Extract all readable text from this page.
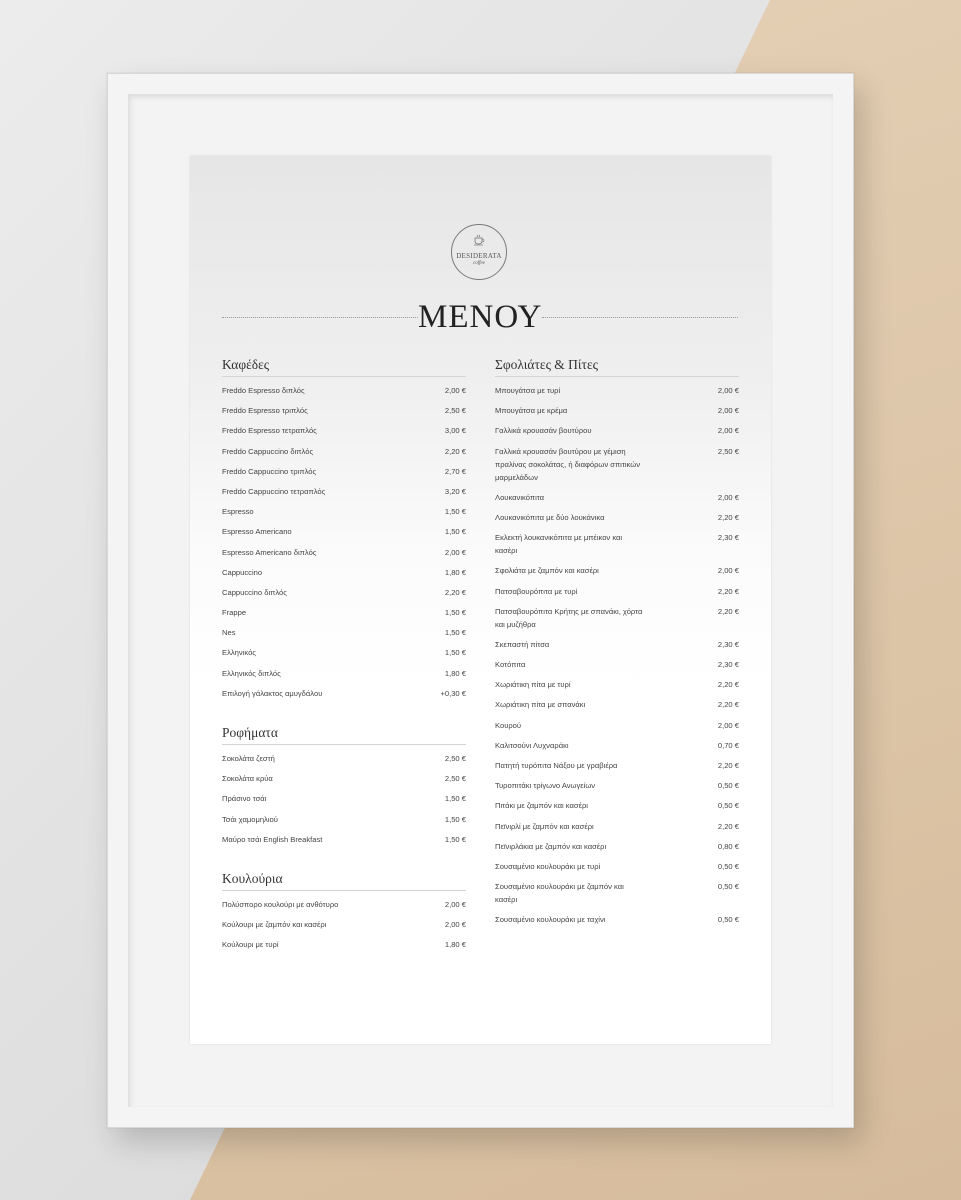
DESIDERATA
coffee
ΜΕΝΟΥ
Καφέδες
Freddo Espresso διπλός	2,00 €
Freddo Espresso τριπλός	2,50 €
Freddo Espresso τετραπλός	3,00 €
Freddo Cappuccino διπλός	2,20 €
Freddo Cappuccino τριπλός	2,70 €
Freddo Cappuccino τετραπλός	3,20 €
Espresso	1,50 €
Espresso Americano	1,50 €
Espresso Americano διπλός	2,00 €
Cappuccino	1,80 €
Cappuccino διπλός	2,20 €
Frappe	1,50 €
Nes	1,50 €
Ελληνικός	1,50 €
Ελληνικός διπλός	1,80 €
Επιλογή γάλακτος αμυγδάλου	+0,30 €
Ροφήματα
Σοκολάτα ζεστή	2,50 €
Σοκολάτα κρύα	2,50 €
Πράσινο τσάι	1,50 €
Τσάι χαμομηλιού	1,50 €
Μαύρο τσάι English Breakfast	1,50 €
Κουλούρια
Πολύσπορο κουλούρι με ανθότυρο	2,00 €
Κούλουρι με ζαμπόν και κασέρι	2,00 €
Κούλουρι με τυρί	1,80 €
Σφολιάτες & Πίτες
Μπουγάτσα με τυρί	2,00 €
Μπουγάτσα με κρέμα	2,00 €
Γαλλικά κρουασάν βουτύρου	2,00 €
Γαλλικά κρουασάν βουτύρου με γέμιση πραλίνας σοκολάτας, ή διαφόρων σπιτικών μαρμελάδων
2,50 €
Λουκανικόπιτα	2,00 €
Λουκανικόπιτα με δύο λουκάνικα	2,20 €
Εκλεκτή λουκανικόπιτα με μπέικον και κασέρι
2,30 €
Σφολιάτα με ζαμπόν και κασέρι	2,00 €
Πατσαβουρόπιτα με τυρί	2,20 €
Πατσαβουρόπιτα Κρήτης με σπανάκι, χόρτα και μυζήθρα
2,20 €
Σκεπαστή πίτσα	2,30 €
Κοτόπιτα	2,30 €
Χωριάτικη πίτα με τυρί	2,20 €
Χωριάτικη πίτα με σπανάκι	2,20 €
Κουρού	2,00 €
Καλιτσούνι Λυχναράκι	0,70 €
Πατητή τυρόπιτα Νάξου με γραβιέρα	2,20 €
Τυροπιτάκι τρίγωνο Ανωγείων	0,50 €
Πιτάκι με ζαμπόν και κασέρι	0,50 €
Πεϊνιρλί με ζαμπόν και κασέρι	2,20 €
Πεϊνιρλάκια με ζαμπόν και κασέρι	0,80 €
Σουσαμένιο κουλουράκι με τυρί	0,50 €
Σουσαμένιο κουλουράκι με ζαμπόν και κασέρι
0,50 €
Σουσαμένιο κουλουράκι με ταχίνι	0,50 €
